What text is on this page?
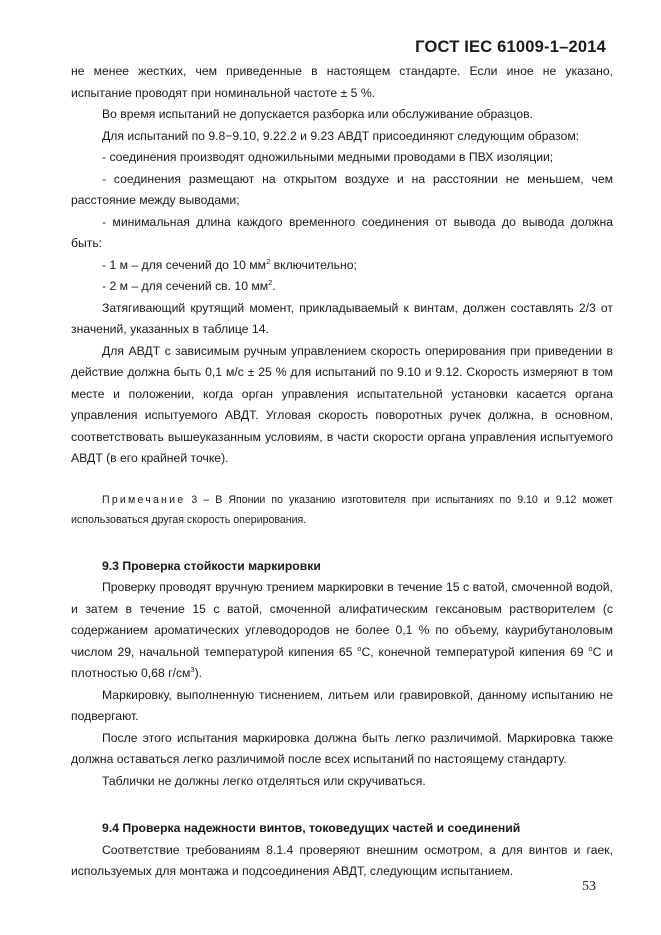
ГОСТ IEC 61009-1–2014

не менее жестких, чем приведенные в настоящем стандарте. Если иное не указано, испытание проводят при номинальной частоте ± 5 %.

Во время испытаний не допускается разборка или обслуживание образцов.

Для испытаний по 9.8−9.10, 9.22.2 и 9.23 АВДТ присоединяют следующим образом:

- соединения производят одножильными медными проводами в ПВХ изоляции;

- соединения размещают на открытом воздухе и на расстоянии не меньшем, чем расстояние между выводами;

- минимальная длина каждого временного соединения от вывода до вывода должна быть:

- 1 м – для сечений до 10 $мм^2$ включительно;

- 2 м – для сечений св. 10 $мм^2$.

Затягивающий крутящий момент, прикладываемый к винтам, должен составлять 2/3 от значений, указанных в таблице 14.

Для АВДТ с зависимым ручным управлением скорость оперирования при приведении в действие должна быть 0,1 м/с ± 25 % для испытаний по 9.10 и 9.12. Скорость измеряют в том месте и положении, когда орган управления испытательной установки касается органа управления испытуемого АВДТ. Угловая скорость поворотных ручек должна, в основном, соответствовать вышеуказанным условиям, в части скорости органа управления испытуемого АВДТ (в его крайней точке).

Примечание 3 – В Японии по указанию изготовителя при испытаниях по 9.10 и 9.12 может использоваться другая скорость оперирования.

9.3 Проверка стойкости маркировки

Проверку проводят вручную трением маркировки в течение 15 с ватой, смоченной водой, и затем в течение 15 с ватой, смоченной алифатическим гексановым растворителем (с содержанием ароматических углеводородов не более 0,1 % по объему, каурибутаноловым числом 29, начальной температурой кипения 65 $^o$С, конечной температурой кипения 69 $^o$С и плотностью 0,68 $г/см^3$).

Маркировку, выполненную тиснением, литьем или гравировкой, данному испытанию не подвергают.

После этого испытания маркировка должна быть легко различимой. Маркировка также должна оставаться легко различимой после всех испытаний по настоящему стандарту.

Таблички не должны легко отделяться или скручиваться.

9.4 Проверка надежности винтов, токоведущих частей и соединений

Соответствие требованиям 8.1.4 проверяют внешним осмотром, а для винтов и гаек, используемых для монтажа и подсоединения АВДТ, следующим испытанием.

53
